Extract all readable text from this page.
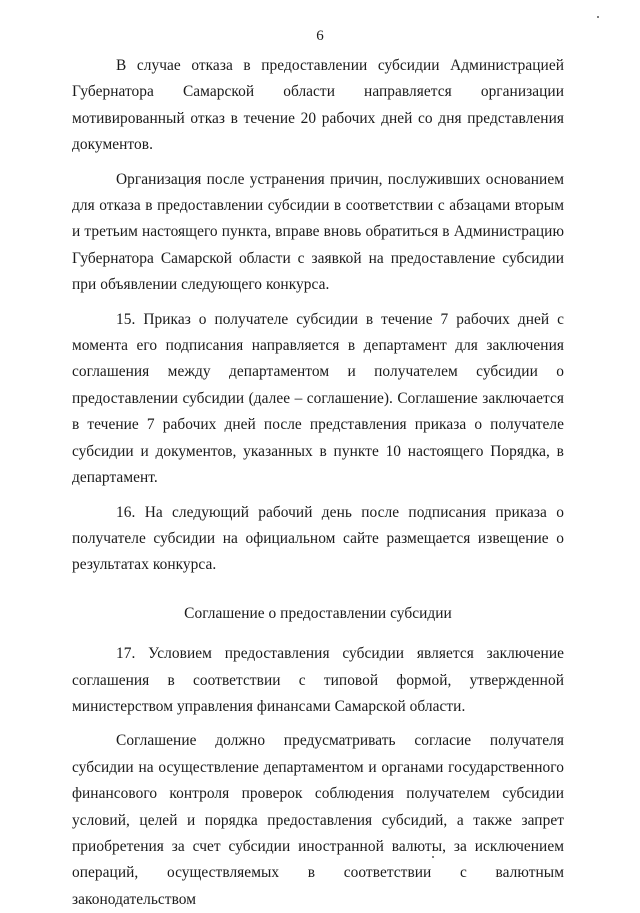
6

В случае отказа в предоставлении субсидии Администрацией Губернатора Самарской области направляется организации мотивированный отказ в течение 20 рабочих дней со дня представления документов.

Организация после устранения причин, послуживших основанием для отказа в предоставлении субсидии в соответствии с абзацами вторым и третьим настоящего пункта, вправе вновь обратиться в Администрацию Губернатора Самарской области с заявкой на предоставление субсидии при объявлении следующего конкурса.

15. Приказ о получателе субсидии в течение 7 рабочих дней с момента его подписания направляется в департамент для заключения соглашения между департаментом и получателем субсидии о предоставлении субсидии (далее – соглашение). Соглашение заключается в течение 7 рабочих дней после представления приказа о получателе субсидии и документов, указанных в пункте 10 настоящего Порядка, в департамент.

16. На следующий рабочий день после подписания приказа о получателе субсидии на официальном сайте размещается извещение о результатах конкурса.

Соглашение о предоставлении субсидии

17. Условием предоставления субсидии является заключение соглашения в соответствии с типовой формой, утвержденной министерством управления финансами Самарской области.

Соглашение должно предусматривать согласие получателя субсидии на осуществление департаментом и органами государственного финансового контроля проверок соблюдения получателем субсидии условий, целей и порядка предоставления субсидий, а также запрет приобретения за счет субсидии иностранной валюты, за исключением операций, осуществляемых в соответствии с валютным законодательством
